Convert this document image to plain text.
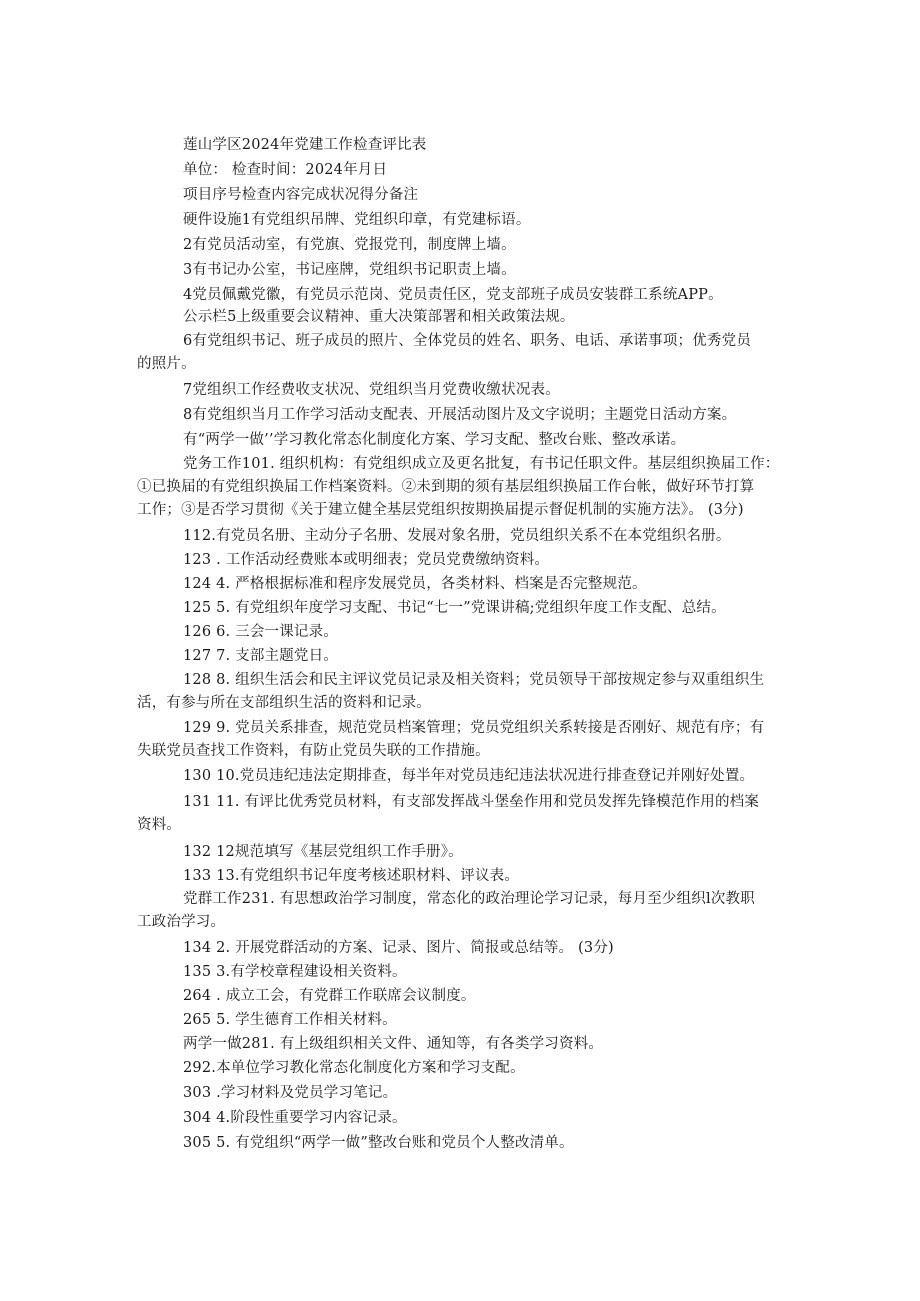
莲山学区2024年党建工作检查评比表
单位： 检查时间：2024年月日
项目序号检查内容完成状况得分备注
硬件设施1有党组织吊牌、党组织印章，有党建标语。
2有党员活动室，有党旗、党报党刊，制度牌上墙。
3有书记办公室，书记座牌，党组织书记职责上墙。
4党员佩戴党徽，有党员示范岗、党员责任区，党支部班子成员安装群工系统APP。
公示栏5上级重要会议精神、重大决策部署和相关政策法规。
6有党组织书记、班子成员的照片、全体党员的姓名、职务、电话、承诺事项；优秀党员
的照片。
7党组织工作经费收支状况、党组织当月党费收缴状况表。
8有党组织当月工作学习活动支配表、开展活动图片及文字说明；主题党日活动方案。
有“两学一做’’学习教化常态化制度化方案、学习支配、整改台账、整改承诺。
党务工作101. 组织机构：有党组织成立及更名批复，有书记任职文件。基层组织换届工作：
①已换届的有党组织换届工作档案资料。②未到期的须有基层组织换届工作台帐，做好环节打算
工作；③是否学习贯彻《关于建立健全基层党组织按期换届提示督促机制的实施方法》。 (3分)
112.有党员名册、主动分子名册、发展对象名册，党员组织关系不在本党组织名册。
123 . 工作活动经费账本或明细表；党员党费缴纳资料。
124 4. 严格根据标准和程序发展党员，各类材料、档案是否完整规范。
125 5. 有党组织年度学习支配、书记“七一”党课讲稿;党组织年度工作支配、总结。
126 6. 三会一课记录。
127 7. 支部主题党日。
128 8. 组织生活会和民主评议党员记录及相关资料；党员领导干部按规定参与双重组织生
活，有参与所在支部组织生活的资料和记录。
129 9. 党员关系排查，规范党员档案管理；党员党组织关系转接是否刚好、规范有序；有
失联党员查找工作资料，有防止党员失联的工作措施。
130 10.党员违纪违法定期排查，每半年对党员违纪违法状况进行排查登记并刚好处置。
131 11. 有评比优秀党员材料，有支部发挥战斗堡垒作用和党员发挥先锋模范作用的档案
资料。
132 12规范填写《基层党组织工作手册》。
133 13.有党组织书记年度考核述职材料、评议表。
党群工作231. 有思想政治学习制度，常态化的政治理论学习记录，每月至少组织l次教职
工政治学习。
134 2. 开展党群活动的方案、记录、图片、简报或总结等。 (3分)
135 3.有学校章程建设相关资料。
264 . 成立工会，有党群工作联席会议制度。
265 5. 学生德育工作相关材料。
两学一做281. 有上级组织相关文件、通知等，有各类学习资料。
292.本单位学习教化常态化制度化方案和学习支配。
303 .学习材料及党员学习笔记。
304 4.阶段性重要学习内容记录。
305 5. 有党组织“两学一做”整改台账和党员个人整改清单。
